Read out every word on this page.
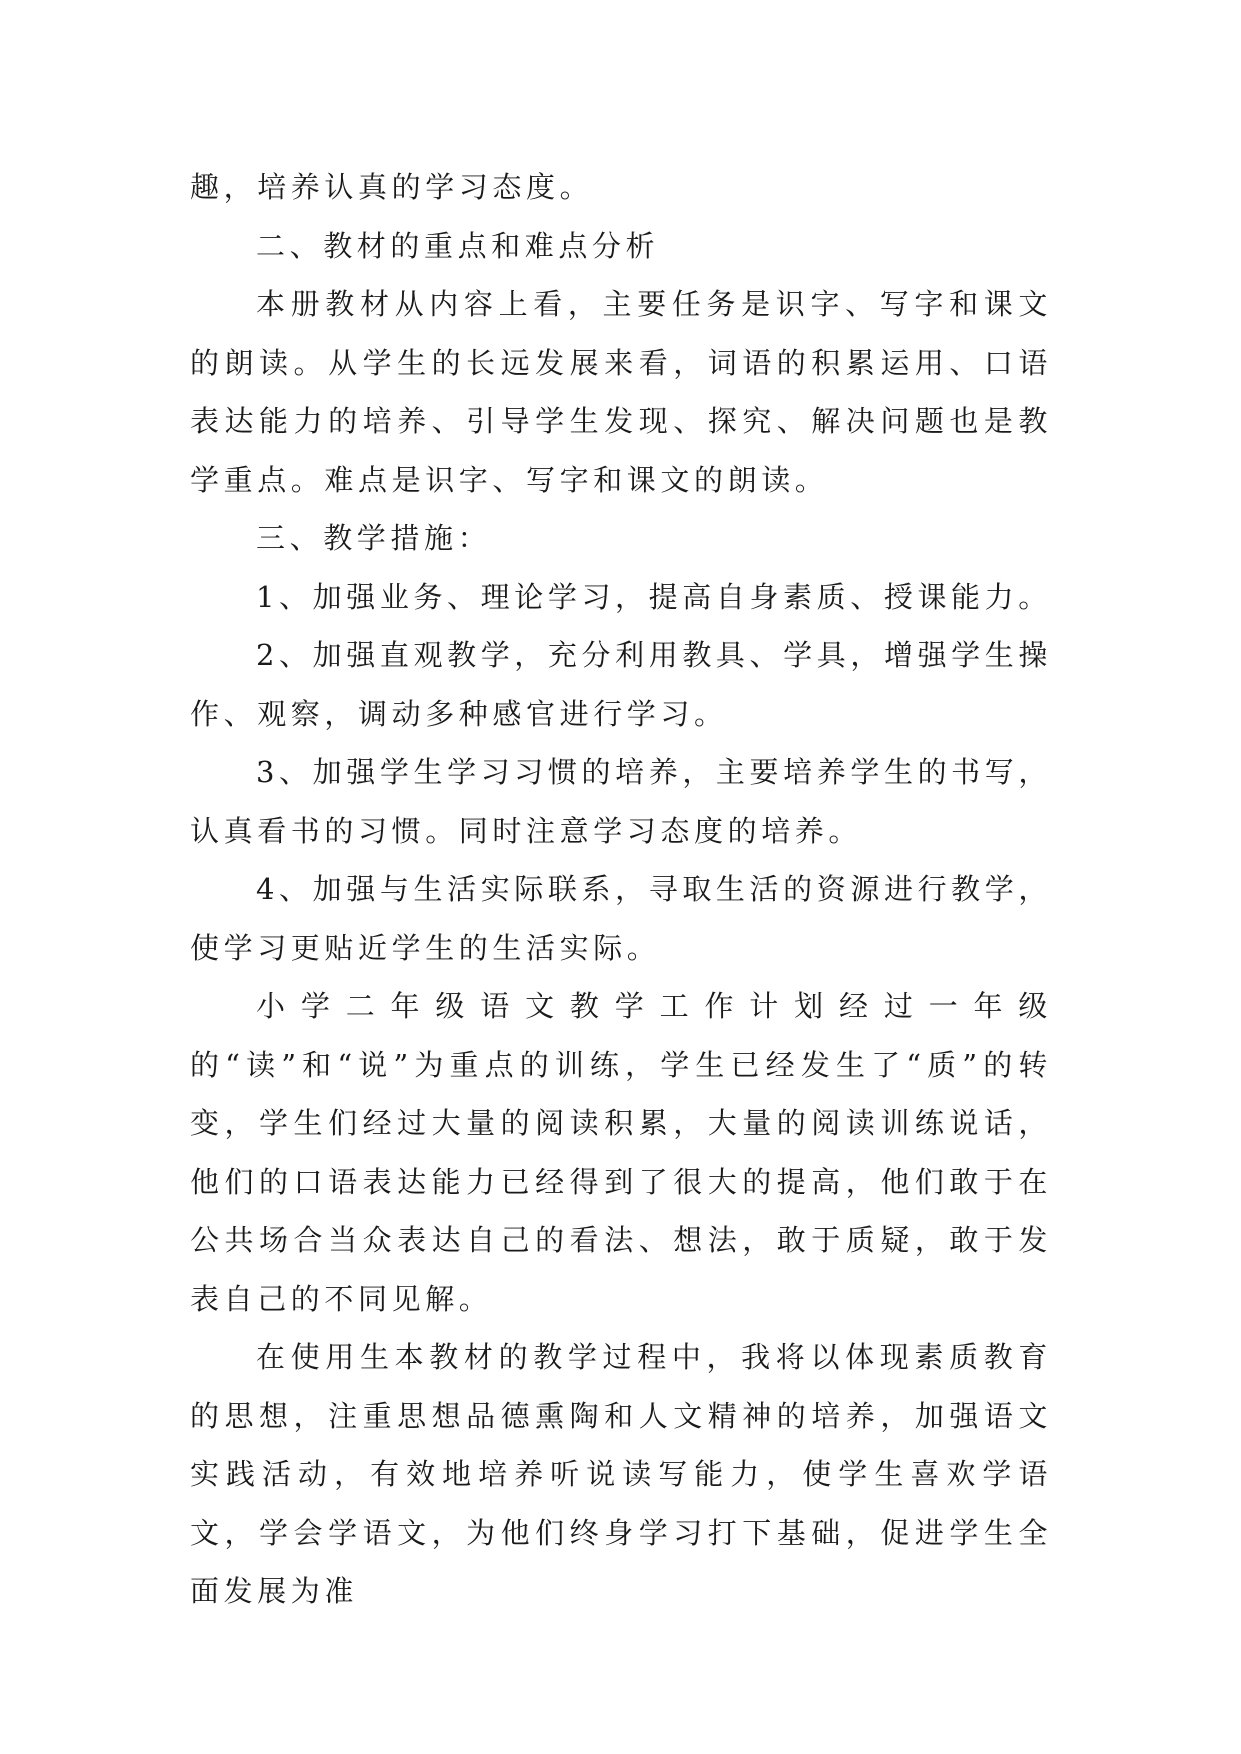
趣，培养认真的学习态度。

二、教材的重点和难点分析

本册教材从内容上看，主要任务是识字、写字和课文的朗读。从学生的长远发展来看，词语的积累运用、口语表达能力的培养、引导学生发现、探究、解决问题也是教学重点。难点是识字、写字和课文的朗读。

三、教学措施：

1、加强业务、理论学习，提高自身素质、授课能力。

2、加强直观教学，充分利用教具、学具，增强学生操作、观察，调动多种感官进行学习。

3、加强学生学习习惯的培养，主要培养学生的书写，认真看书的习惯。同时注意学习态度的培养。

4、加强与生活实际联系，寻取生活的资源进行教学，使学习更贴近学生的生活实际。

小学二年级语文教学工作计划经过一年级的“读”和“说”为重点的训练，学生已经发生了“质”的转变，学生们经过大量的阅读积累，大量的阅读训练说话，他们的口语表达能力已经得到了很大的提高，他们敢于在公共场合当众表达自己的看法、想法，敢于质疑，敢于发表自己的不同见解。

在使用生本教材的教学过程中，我将以体现素质教育的思想，注重思想品德熏陶和人文精神的培养，加强语文实践活动，有效地培养听说读写能力，使学生喜欢学语文，学会学语文，为他们终身学习打下基础，促进学生全面发展为准
